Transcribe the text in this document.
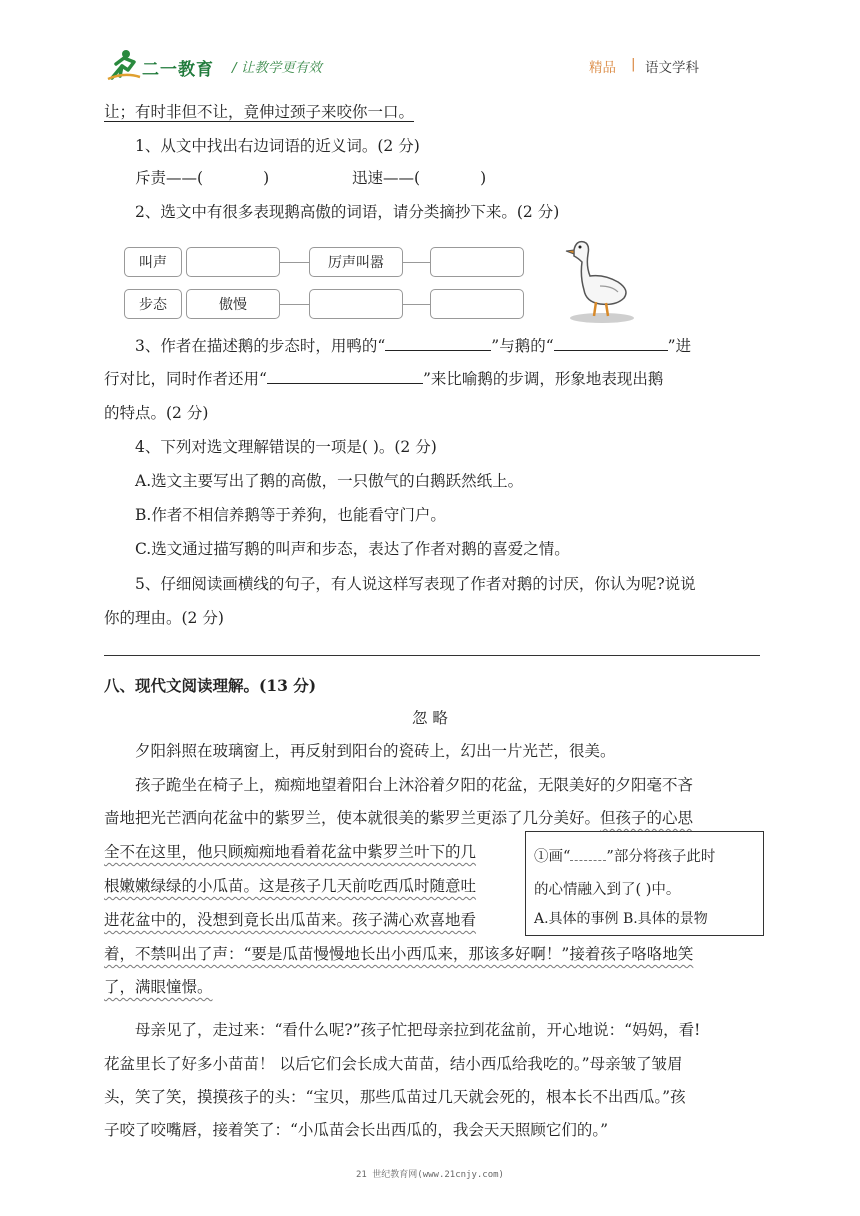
二一教育 / 让教学更有效	精品 | 语文学科
让；有时非但不让，竟伸过颈子来咬你一口。
1、从文中找出右边词语的近义词。(2 分)
斥责——(	)	迅速——(	)
2、选文中有很多表现鹅高傲的词语，请分类摘抄下来。(2 分)
叫声	厉声叫嚣
步态	傲慢
3、作者在描述鹅的步态时，用鸭的“	”与鹅的“	”进
行对比，同时作者还用“	”来比喻鹅的步调，形象地表现出鹅
的特点。(2 分)
4、下列对选文理解错误的一项是( )。(2 分)
A.选文主要写出了鹅的高傲，一只傲气的白鹅跃然纸上。
B.作者不相信养鹅等于养狗，也能看守门户。
C.选文通过描写鹅的叫声和步态，表达了作者对鹅的喜爱之情。
5、仔细阅读画横线的句子，有人说这样写表现了作者对鹅的讨厌，你认为呢?说说
你的理由。(2 分)
八、现代文阅读理解。(13 分)
忽 略
夕阳斜照在玻璃窗上，再反射到阳台的瓷砖上，幻出一片光芒，很美。
孩子跪坐在椅子上，痴痴地望着阳台上沐浴着夕阳的花盆，无限美好的夕阳毫不吝
啬地把光芒洒向花盆中的紫罗兰，使本就很美的紫罗兰更添了几分美好。但孩子的心思
全不在这里，他只顾痴痴地看着花盆中紫罗兰叶下的几
根嫩嫩绿绿的小瓜苗。这是孩子几天前吃西瓜时随意吐
进花盆中的，没想到竟长出瓜苗来。孩子满心欢喜地看
着，不禁叫出了声：“要是瓜苗慢慢地长出小西瓜来，那该多好啊！”接着孩子咯咯地笑
了，满眼憧憬。
①画“ ”部分将孩子此时
的心情融入到了( )中。
A.具体的事例 B.具体的景物
母亲见了，走过来：“看什么呢?”孩子忙把母亲拉到花盆前，开心地说：“妈妈，看!
花盆里长了好多小苗苗！ 以后它们会长成大苗苗，结小西瓜给我吃的。”母亲皱了皱眉
头，笑了笑，摸摸孩子的头：“宝贝，那些瓜苗过几天就会死的，根本长不出西瓜。”孩
子咬了咬嘴唇，接着笑了：“小瓜苗会长出西瓜的，我会天天照顾它们的。”
21 世纪教育网(www.21cnjy.com)
